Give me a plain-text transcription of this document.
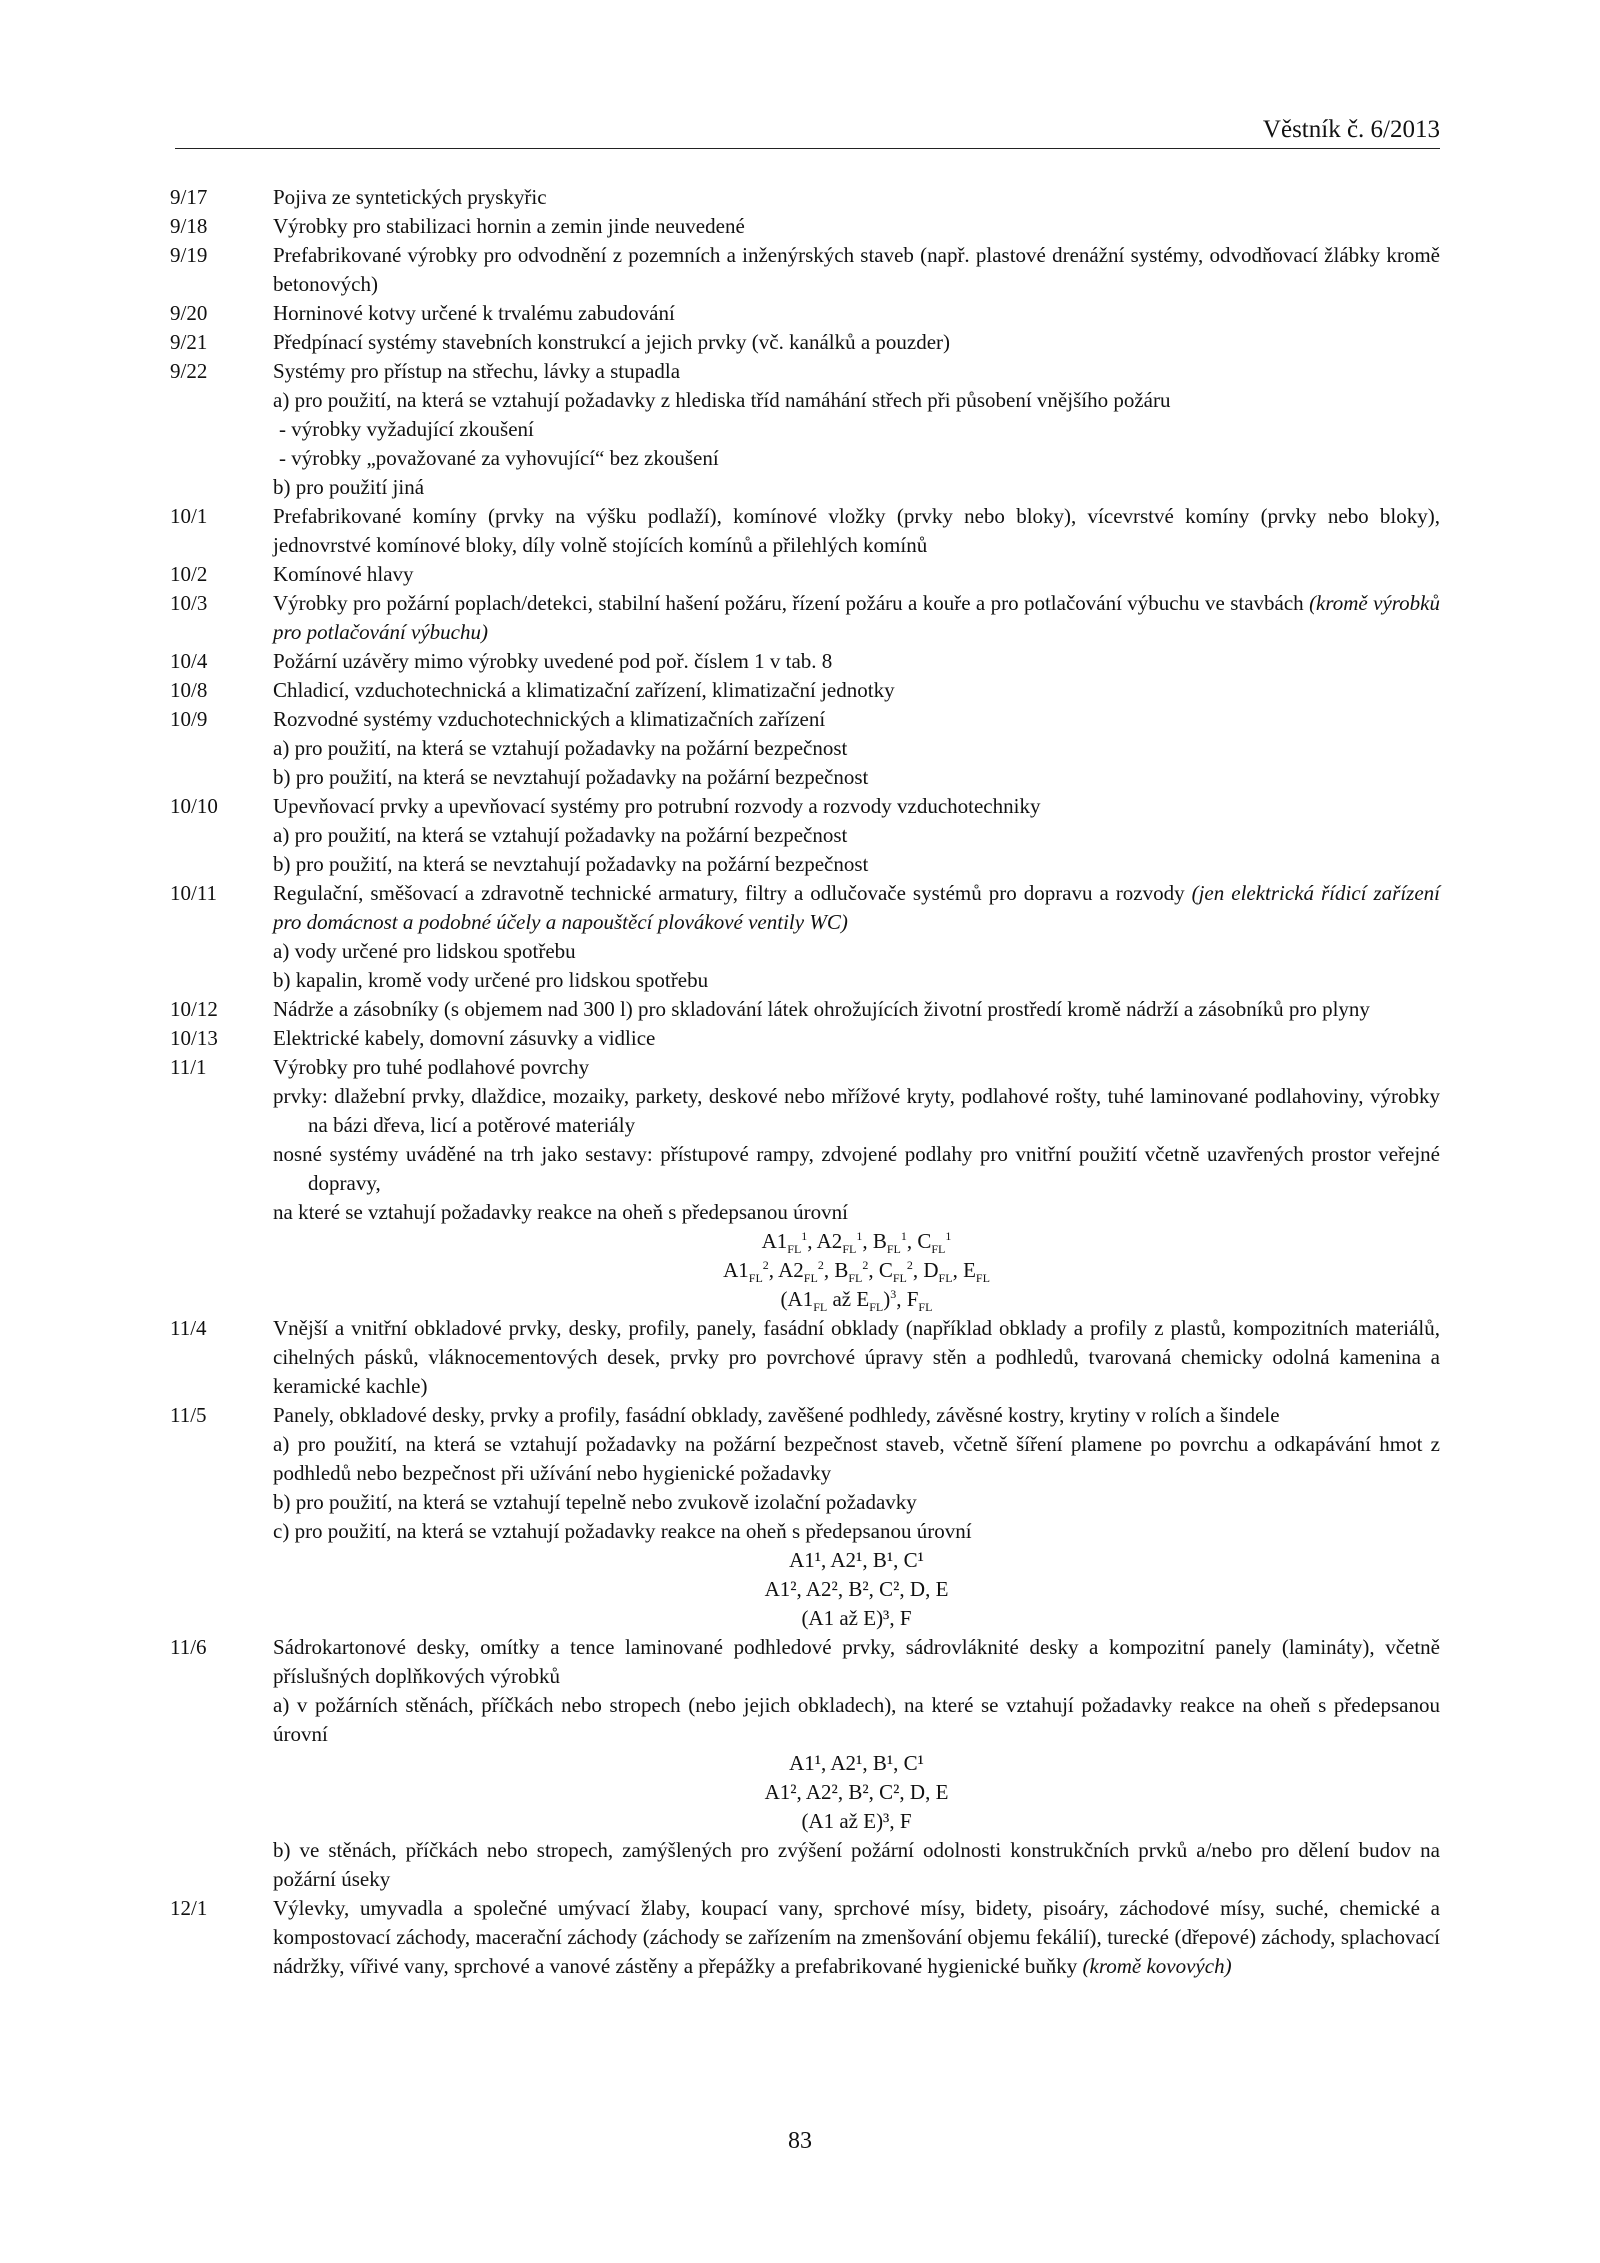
Věstník č. 6/2013
9/17	Pojiva ze syntetických pryskyřic
9/18	Výrobky pro stabilizaci hornin a zemin jinde neuvedené
9/19	Prefabrikované výrobky pro odvodnění z pozemních a inženýrských staveb (např. plastové drenážní systémy, odvodňovací žlábky kromě betonových)
9/20	Horninové kotvy určené k trvalému zabudování
9/21	Předpínací systémy stavebních konstrukcí a jejich prvky (vč. kanálků a pouzder)
9/22	Systémy pro přístup na střechu, lávky a stupadla
a) pro použití, na která se vztahují požadavky z hlediska tříd namáhání střech při působení vnějšího požáru
- výrobky vyžadující zkoušení
- výrobky „považované za vyhovující“ bez zkoušení
b) pro použití jiná
10/1	Prefabrikované komíny (prvky na výšku podlaží), komínové vložky (prvky nebo bloky), vícevrstvé komíny (prvky nebo bloky), jednovrstvé komínové bloky, díly volně stojících komínů a přilehlých komínů
10/2	Komínové hlavy
10/3	Výrobky pro požární poplach/detekci, stabilní hašení požáru, řízení požáru a kouře a pro potlačování výbuchu ve stavbách (kromě výrobků pro potlačování výbuchu)
10/4	Požární uzávěry mimo výrobky uvedené pod poř. číslem 1 v tab. 8
10/8	Chladicí, vzduchotechnická a klimatizační zařízení, klimatizační jednotky
10/9	Rozvodné systémy vzduchotechnických a klimatizačních zařízení
a) pro použití, na která se vztahují požadavky na požární bezpečnost
b) pro použití, na která se nevztahují požadavky na požární bezpečnost
10/10	Upevňovací prvky a upevňovací systémy pro potrubní rozvody a rozvody vzduchotechniky
a) pro použití, na která se vztahují požadavky na požární bezpečnost
b) pro použití, na která se nevztahují požadavky na požární bezpečnost
10/11	Regulační, směšovací a zdravotně technické armatury, filtry a odlučovače systémů pro dopravu a rozvody (jen elektrická řídicí zařízení pro domácnost a podobné účely a napouštěcí plovákové ventily WC)
a) vody určené pro lidskou spotřebu
b) kapalin, kromě vody určené pro lidskou spotřebu
10/12	Nádrže a zásobníky (s objemem nad 300 l) pro skladování látek ohrožujících životní prostředí kromě nádrží a zásobníků pro plyny
10/13	Elektrické kabely, domovní zásuvky a vidlice
11/1	Výrobky pro tuhé podlahové povrchy
prvky: dlažební prvky, dlaždice, mozaiky, parkety, deskové nebo mřížové kryty, podlahové rošty, tuhé laminované podlahoviny, výrobky na bázi dřeva, licí a potěrové materiály
nosné systémy uváděné na trh jako sestavy: přístupové rampy, zdvojené podlahy pro vnitřní použití včetně uzavřených prostor veřejné dopravy,
na které se vztahují požadavky reakce na oheň s předepsanou úrovní
$A1_{FL}^1$, $A2_{FL}^1$, $B_{FL}^1$, $C_{FL}^1$
$A1_{FL}^2$, $A2_{FL}^2$, $B_{FL}^2$, $C_{FL}^2$, $D_{FL}$, $E_{FL}$
($A1_{FL}$ až $E_{FL})^3$, $F_{FL}$
11/4	Vnější a vnitřní obkladové prvky, desky, profily, panely, fasádní obklady (například obklady a profily z plastů, kompozitních materiálů, cihelných pásků, vláknocementových desek, prvky pro povrchové úpravy stěn a podhledů, tvarovaná chemicky odolná kamenina a keramické kachle)
11/5	Panely, obkladové desky, prvky a profily, fasádní obklady, zavěšené podhledy, závěsné kostry, krytiny v rolích a šindele
a) pro použití, na která se vztahují požadavky na požární bezpečnost staveb, včetně šíření plamene po povrchu a odkapávání hmot z podhledů nebo bezpečnost při užívání nebo hygienické požadavky
b) pro použití, na která se vztahují tepelně nebo zvukově izolační požadavky
c) pro použití, na která se vztahují požadavky reakce na oheň s předepsanou úrovní
A1¹, A2¹, B¹, C¹
A1², A2², B², C², D, E
(A1 až E)³, F
11/6	Sádrokartonové desky, omítky a tence laminované podhledové prvky, sádrovláknité desky a kompozitní panely (lamináty), včetně příslušných doplňkových výrobků
a) v požárních stěnách, příčkách nebo stropech (nebo jejich obkladech), na které se vztahují požadavky reakce na oheň s předepsanou úrovní
A1¹, A2¹, B¹, C¹
A1², A2², B², C², D, E
(A1 až E)³, F
b) ve stěnách, příčkách nebo stropech, zamýšlených pro zvýšení požární odolnosti konstrukčních prvků a/nebo pro dělení budov na požární úseky
12/1	Výlevky, umyvadla a společné umývací žlaby, koupací vany, sprchové mísy, bidety, pisoáry, záchodové mísy, suché, chemické a kompostovací záchody, macerační záchody (záchody se zařízením na zmenšování objemu fekálií), turecké (dřepové) záchody, splachovací nádržky, vířivé vany, sprchové a vanové zástěny a přepážky a prefabrikované hygienické buňky (kromě kovových)
83
